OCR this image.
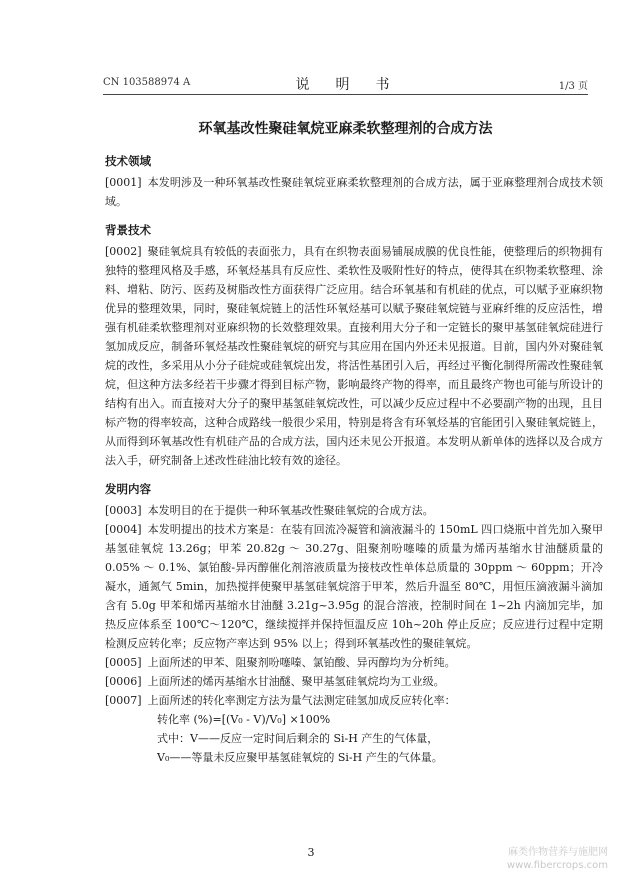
CN 103588974 A	说　明　书	1/3 页
环氧基改性聚硅氧烷亚麻柔软整理剂的合成方法
技术领域

[0001] 本发明涉及一种环氧基改性聚硅氧烷亚麻柔软整理剂的合成方法，属于亚麻整理剂合成技术领域。

背景技术

[0002] 聚硅氧烷具有较低的表面张力，具有在织物表面易铺展成膜的优良性能，使整理后的织物拥有独特的整理风格及手感，环氧烃基具有反应性、柔软性及吸附性好的特点，使得其在织物柔软整理、涂料、增粘、防污、医药及树脂改性方面获得广泛应用。结合环氧基和有机硅的优点，可以赋予亚麻织物优异的整理效果，同时，聚硅氧烷链上的活性环氧烃基可以赋予聚硅氧烷链与亚麻纤维的反应活性，增强有机硅柔软整理剂对亚麻织物的长效整理效果。直接利用大分子和一定链长的聚甲基氢硅氧烷硅进行氢加成反应，制备环氧烃基改性聚硅氧烷的研究与其应用在国内外还未见报道。目前，国内外对聚硅氧烷的改性，多采用从小分子硅烷或硅氧烷出发，将活性基团引入后，再经过平衡化制得所需改性聚硅氧烷，但这种方法多经若干步骤才得到目标产物，影响最终产物的得率，而且最终产物也可能与所设计的结构有出入。而直接对大分子的聚甲基氢硅氧烷改性，可以减少反应过程中不必要副产物的出现，且目标产物的得率较高，这种合成路线一般很少采用，特别是将含有环氧烃基的官能团引入聚硅氧烷链上，从而得到环氧基改性有机硅产品的合成方法，国内还未见公开报道。本发明从新单体的选择以及合成方法入手，研究制备上述改性硅油比较有效的途径。

发明内容

[0003] 本发明目的在于提供一种环氧基改性聚硅氧烷的合成方法。

[0004] 本发明提出的技术方案是：在装有回流冷凝管和滴液漏斗的 150mL 四口烧瓶中首先加入聚甲基氢硅氧烷 13.26g；甲苯 20.82g ～ 30.27g、阻聚剂吩噻嗪的质量为烯丙基缩水甘油醚质量的 0.05% ～ 0.1%、氯铂酸-异丙醇催化剂溶液质量为接枝改性单体总质量的 30ppm ～ 60ppm；开冷凝水，通氮气 5min，加热搅拌使聚甲基氢硅氧烷溶于甲苯，然后升温至 80℃，用恒压滴液漏斗滴加含有 5.0g 甲苯和烯丙基缩水甘油醚 3.21g~3.95g 的混合溶液，控制时间在 1~2h 内滴加完毕，加热反应体系至 100℃～120℃，继续搅拌并保持恒温反应 10h~20h 停止反应；反应进行过程中定期检测反应转化率；反应物产率达到 95% 以上；得到环氧基改性的聚硅氧烷。

[0005] 上面所述的甲苯、阻聚剂吩噻嗪、氯铂酸、异丙醇均为分析纯。

[0006] 上面所述的烯丙基缩水甘油醚、聚甲基氢硅氧烷均为工业级。

[0007] 上面所述的转化率测定方法为量气法测定硅氢加成反应转化率：

转化率 (%)=[(V₀ - V)/V₀] ×100%

式中：V——反应一定时间后剩余的 Si-H 产生的气体量，

V₀——等量未反应聚甲基氢硅氧烷的 Si-H 产生的气体量。

3	麻类作物营养与施肥网
www.fibercrops.com
